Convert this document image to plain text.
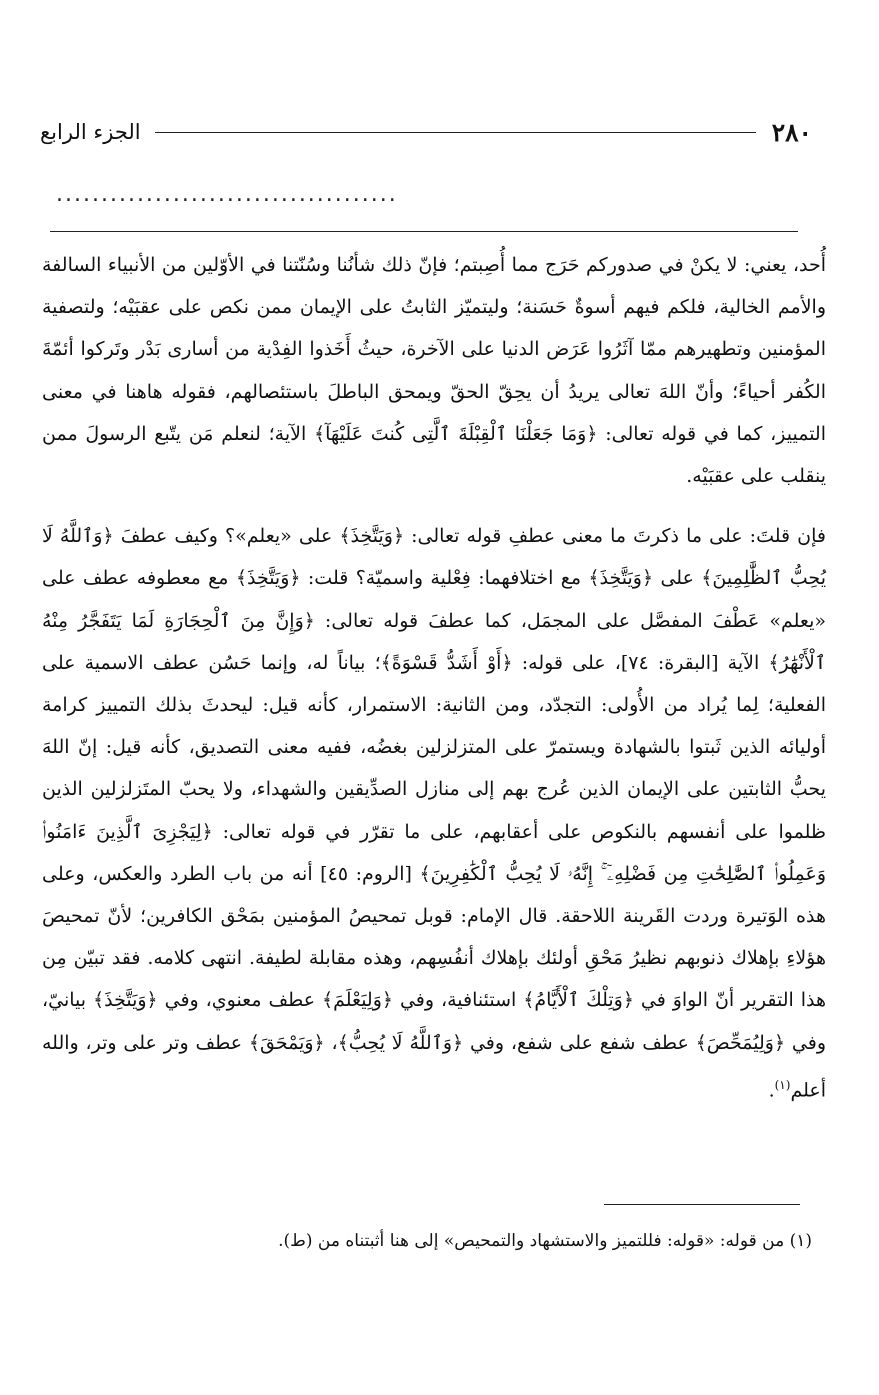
٢٨٠
الجزء الرابع
......................................

أُحد، يعني: لا يكنْ في صدوركم حَرَج مما أُصِبتم؛ فإنّ ذلك شأنُنا وسُنّتنا في الأوّلين من الأنبياء السالفة والأمم الخالية، فلكم فيهم أسوةٌ حَسَنة؛ وليتميّز الثابتُ على الإيمان ممن نكص على عقبَيْه؛ ولتصفية المؤمنين وتطهيرهم ممّا آثَرُوا عَرَض الدنيا على الآخرة، حيثُ أَخَذوا الفِدْية من أسارى بَدْر وتَركوا أئمّةَ الكُفر أحياءً؛ وأنّ اللهَ تعالى يريدُ أن يحِقّ الحقّ ويمحق الباطلَ باستئصالهم، فقوله هاهنا في معنى التمييز، كما في قوله تعالى: ﴿وَمَا جَعَلْنَا ٱلْقِبْلَةَ ٱلَّتِى كُنتَ عَلَيْهَآ﴾ الآية؛ لنعلم مَن يتّبع الرسولَ ممن ينقلب على عقبَيْه.

فإن قلتَ: على ما ذكرتَ ما معنى عطفِ قوله تعالى: ﴿وَيَتَّخِذَ﴾ على «يعلم»؟ وكيف عطفَ ﴿وَٱللَّهُ لَا يُحِبُّ ٱلظَّٰلِمِينَ﴾ على ﴿وَيَتَّخِذَ﴾ مع اختلافهما: فِعْلية واسميّة؟ قلت: ﴿وَيَتَّخِذَ﴾ مع معطوفه عطف على «يعلم» عَطْفَ المفصَّل على المجمَل، كما عطفَ قوله تعالى: ﴿وَإِنَّ مِنَ ٱلْحِجَارَةِ لَمَا يَتَفَجَّرُ مِنْهُ ٱلْأَنْهَٰرُ﴾ الآية [البقرة: ٧٤]، على قوله: ﴿أَوْ أَشَدُّ قَسْوَةً﴾؛ بياناً له، وإنما حَسُن عطف الاسمية على الفعلية؛ لِما يُراد من الأُولى: التجدّد، ومن الثانية: الاستمرار، كأنه قيل: ليحدثَ بذلك التمييز كرامة أوليائه الذين ثَبتوا بالشهادة ويستمرّ على المتزلزلين بغضُه، ففيه معنى التصديق، كأنه قيل: إنّ اللهَ يحبُّ الثابتين على الإيمان الذين عُرج بهم إلى منازل الصدِّيقين والشهداء، ولا يحبّ المتَزلزلين الذين ظلموا على أنفسهم بالنكوص على أعقابهم، على ما تقرّر في قوله تعالى: ﴿لِيَجْزِىَ ٱلَّذِينَ ءَامَنُوا۟ وَعَمِلُوا۟ ٱلصَّٰلِحَٰتِ مِن فَضْلِهِۦٓ ۚ إِنَّهُۥ لَا يُحِبُّ ٱلْكَٰفِرِينَ﴾ [الروم: ٤٥] أنه من باب الطرد والعكس، وعلى هذه الوَتيرة وردت القَرينة اللاحقة. قال الإمام: قوبل تمحيصُ المؤمنين بمَحْق الكافرين؛ لأنّ تمحيصَ هؤلاءِ بإهلاك ذنوبهم نظيرُ مَحْقِ أولئك بإهلاك أنفُسِهم، وهذه مقابلة لطيفة. انتهى كلامه. فقد تبيّن مِن هذا التقرير أنّ الواوَ في ﴿وَتِلْكَ ٱلْأَيَّامُ﴾ استئنافية، وفي ﴿وَلِيَعْلَمَ﴾ عطف معنوي، وفي ﴿وَيَتَّخِذَ﴾ بيانيّ، وفي ﴿وَلِيُمَحِّصَ﴾ عطف شفع على شفع، وفي ﴿وَٱللَّهُ لَا يُحِبُّ﴾، ﴿وَيَمْحَقَ﴾ عطف وتر على وتر، والله أعلم$^{(١)}$.

(١) من قوله: «قوله: فللتميز والاستشهاد والتمحيص» إلى هنا أثبتناه من (ط).
